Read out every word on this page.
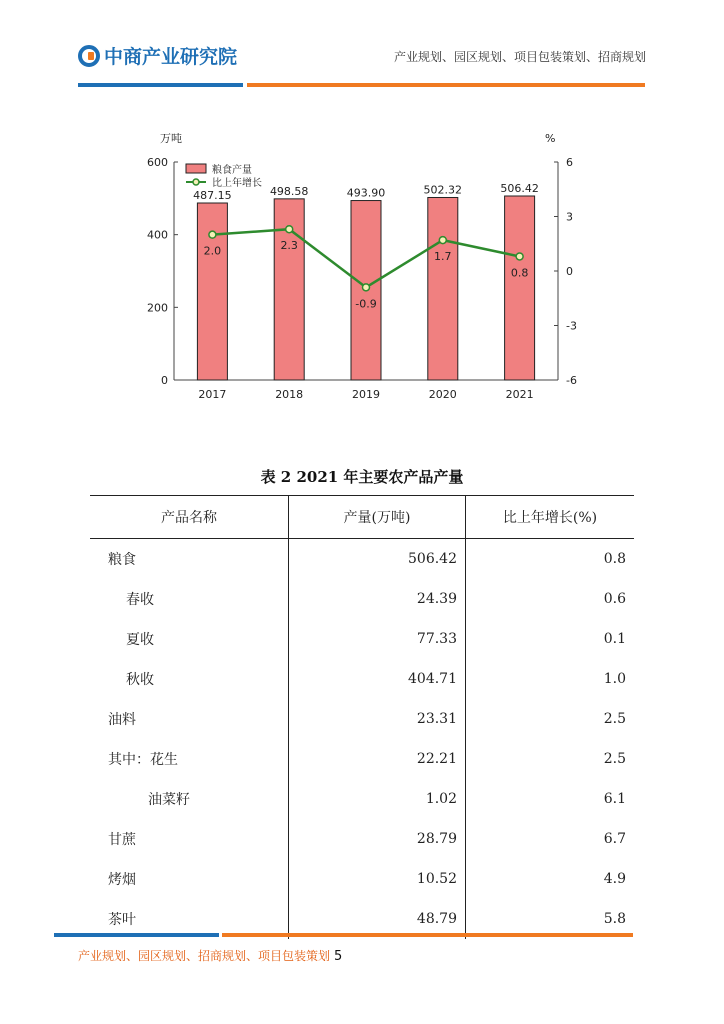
中商产业研究院	产业规划、园区规划、项目包装策划、招商规划
0
200
400
600
-6
-3
0
3
6
万吨	%
487.15
2017
498.58
2018
493.90
2019
502.32
2020
506.42
2021
2.0	2.3
-0.9
1.7
0.8
粮食产量
比上年增长
表 2 2021 年主要农产品产量
产品名称	产量(万吨)	比上年增长(%)
粮食	506.42	0.8
春收	24.39	0.6
夏收	77.33	0.1
秋收	404.71	1.0
油料	23.31	2.5
其中：花生	22.21	2.5
油菜籽	1.02	6.1
甘蔗	28.79	6.7
烤烟	10.52	4.9
茶叶	48.79	5.8
产业规划、园区规划、招商规划、项目包装策划 5
